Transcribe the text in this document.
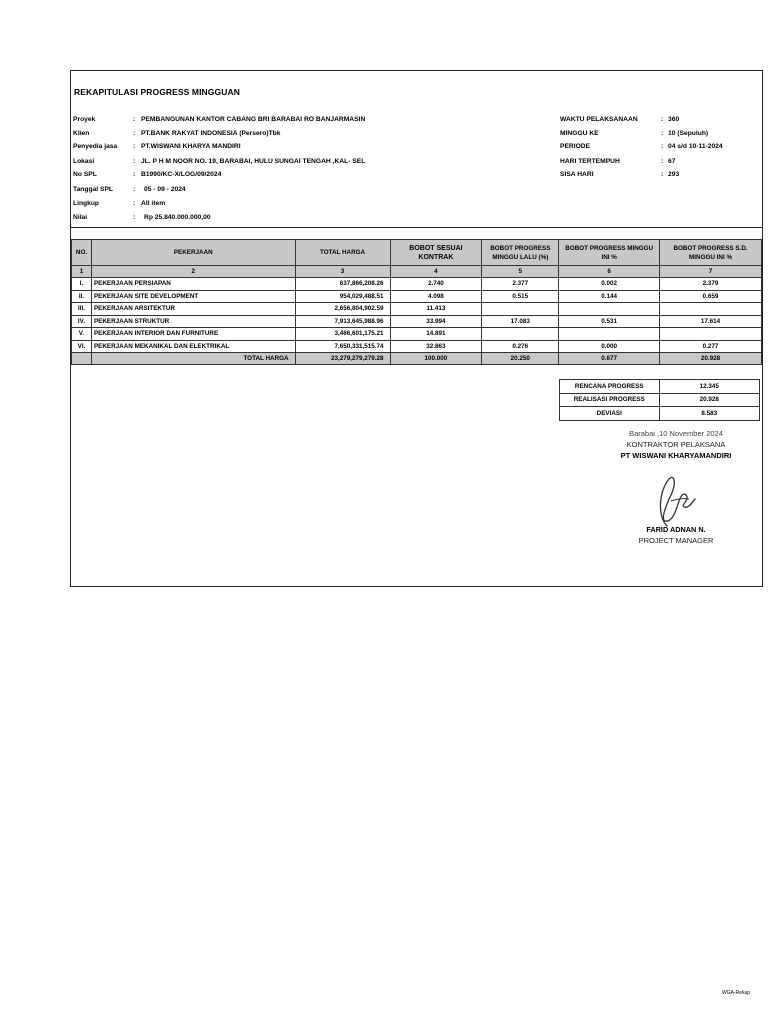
REKAPITULASI PROGRESS MINGGUAN
Proyek	: PEMBANGUNAN KANTOR CABANG BRI BARABAI RO BANJARMASIN
Klien	: PT.BANK RAKYAT INDONESIA (Persero)Tbk
Penyedia jasa : PT.WISWANI KHARYA MANDIRI
Lokasi	: JL. P H M NOOR NO. 19, BARABAI, HULU SUNGAI TENGAH ,KAL- SEL
No SPL	: B1990/KC-X/LOG/09/2024
Tanggal SPL	: 05 - 09 - 2024
Lingkup	: All item
Nilai	: Rp 25.840.000.000,00
WAKTU PELAKSANAAN	: 360
MINGGU KE	: 10 (Sepuluh)
PERIODE	: 04 s/d 10-11-2024
HARI TERTEMPUH	: 67
SISA HARI	: 293
NO.	PEKERJAAN	TOTAL HARGA	BOBOT SESUAI KONTRAK	BOBOT PROGRESS MINGGU LALU (%)	BOBOT PROGRESS MINGGU INI %	BOBOT PROGRESS S.D. MINGGU INI %
1	2	3	4	5	6	7
I.	PEKERJAAN PERSIAPAN	637,866,208.26	2.740	2.377	0.002	2.379
II.	PEKERJAAN SITE DEVELOPMENT	954,029,488.51	4.098	0.515	0.144	0.659
III.	PEKERJAAN ARSITEKTUR	2,656,804,902.59	11.413			
IV.	PEKERJAAN STRUKTUR	7,913,645,988.96	33.994	17.083	0.531	17.614
V.	PEKERJAAN INTERIOR DAN FURNITURE	3,466,601,175.21	14.891			
VI.	PEKERJAAN MEKANIKAL DAN ELEKTRIKAL	7,650,331,515.74	32.863	0.276	0.000	0.277
	TOTAL HARGA	23,279,279,279.28	100.000	20.250	0.677	20.928
RENCANA PROGRESS	12.345
REALISASI PROGRESS	20.928
DEVIASI	8.583
Barabai ,10 November 2024
KONTRAKTOR PELAKSANA
PT WISWANI KHARYAMANDIRI
FARID ADNAN N.
PROJECT MANAGER
WGA-Rekap
